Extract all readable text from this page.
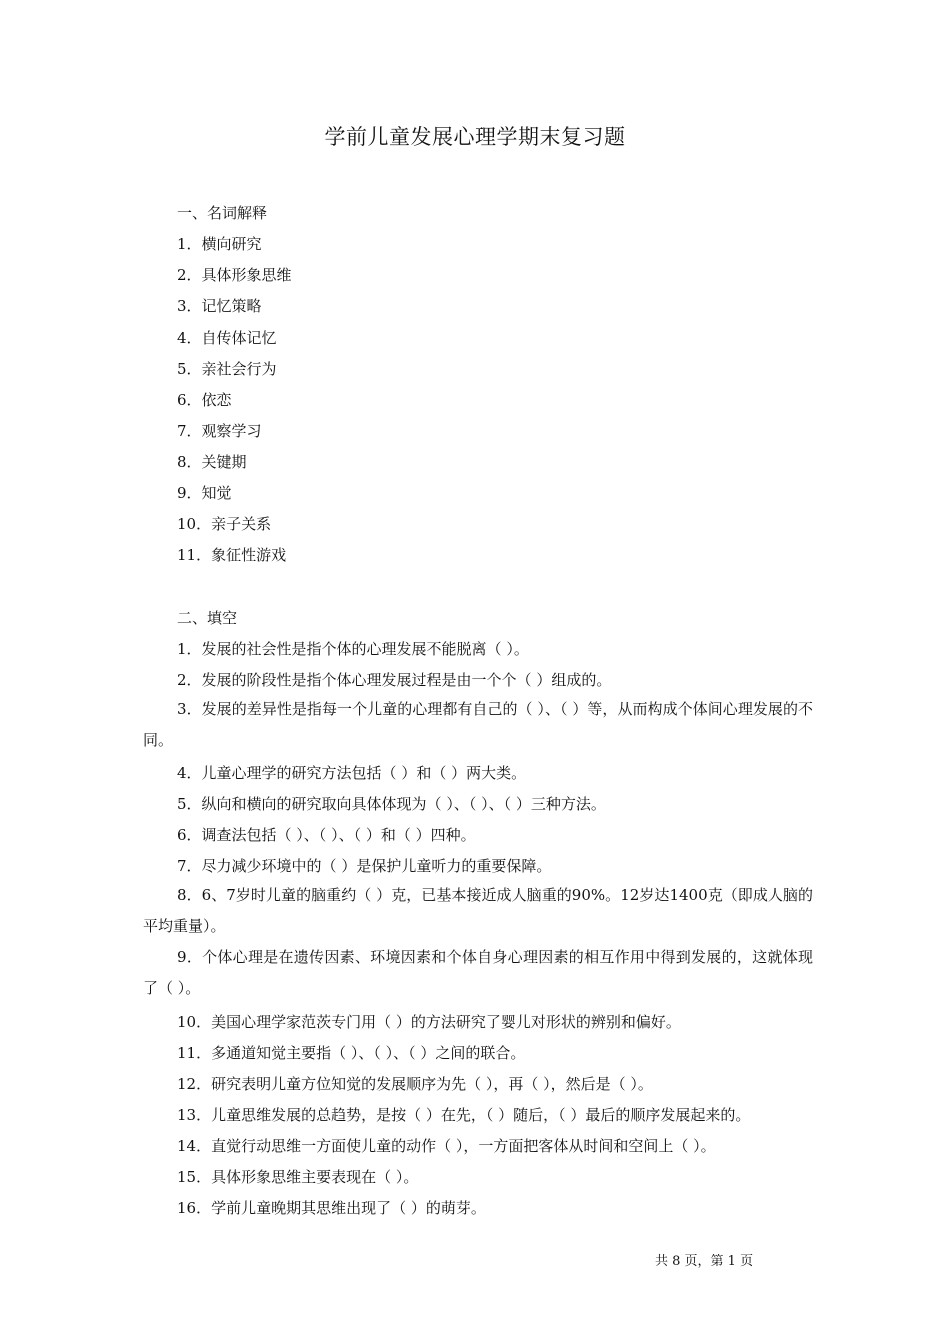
学前儿童发展心理学期末复习题
一、名词解释
1．横向研究
2．具体形象思维
3．记忆策略
4．自传体记忆
5．亲社会行为
6．依恋
7．观察学习
8．关键期
9．知觉
10．亲子关系
11．象征性游戏
二、填空
1．发展的社会性是指个体的心理发展不能脱离（ ）。
2．发展的阶段性是指个体心理发展过程是由一个个（ ）组成的。
3．发展的差异性是指每一个儿童的心理都有自己的（ ）、（ ）等，从而构成个体间心理发展的不同。
4．儿童心理学的研究方法包括（ ）和（ ）两大类。
5．纵向和横向的研究取向具体体现为（ ）、（ ）、（ ）三种方法。
6．调查法包括（ ）、（ ）、（ ）和（ ）四种。
7．尽力减少环境中的（ ）是保护儿童听力的重要保障。
8．6、7岁时儿童的脑重约（ ）克，已基本接近成人脑重的90%。12岁达1400克（即成人脑的平均重量）。
9．个体心理是在遗传因素、环境因素和个体自身心理因素的相互作用中得到发展的，这就体现了（ ）。
10．美国心理学家范茨专门用（ ）的方法研究了婴儿对形状的辨别和偏好。
11．多通道知觉主要指（ ）、（ ）、（ ）之间的联合。
12．研究表明儿童方位知觉的发展顺序为先（ ），再（ ），然后是（ ）。
13．儿童思维发展的总趋势，是按（ ）在先，（ ）随后，（ ）最后的顺序发展起来的。
14．直觉行动思维一方面使儿童的动作（ ），一方面把客体从时间和空间上（ ）。
15．具体形象思维主要表现在（ ）。
16．学前儿童晚期其思维出现了（ ）的萌芽。
共 8 页，第 1 页
